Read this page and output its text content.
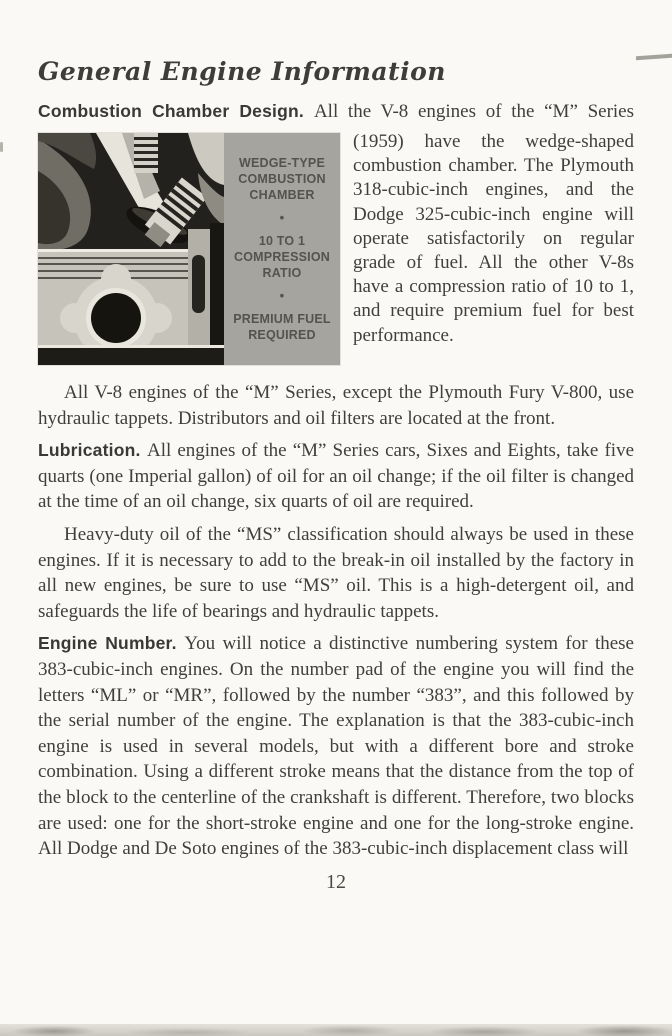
General Engine Information
Combustion Chamber Design. All the V-8 engines of the “M” Series
WEDGE-TYPE
COMBUSTION
CHAMBER
•
10 TO 1
COMPRESSION
RATIO
•
PREMIUM FUEL
REQUIRED
(1959) have the wedge-shaped combustion chamber. The Plymouth 318-cubic-inch engines, and the Dodge 325-cubic-inch engine will operate satisfactorily on regular grade of fuel. All the other V-8s have a compression ratio of 10 to 1, and require premium fuel for best performance.

All V-8 engines of the “M” Series, except the Plymouth Fury V-800, use hydraulic tappets. Distributors and oil filters are located at the front.

Lubrication. All engines of the “M” Series cars, Sixes and Eights, take five quarts (one Imperial gallon) of oil for an oil change; if the oil filter is changed at the time of an oil change, six quarts of oil are required.

Heavy-duty oil of the “MS” classification should always be used in these engines. If it is necessary to add to the break-in oil installed by the factory in all new engines, be sure to use “MS” oil. This is a high-detergent oil, and safeguards the life of bearings and hydraulic tappets.

Engine Number. You will notice a distinctive numbering system for these 383-cubic-inch engines. On the number pad of the engine you will find the letters “ML” or “MR”, followed by the number “383”, and this followed by the serial number of the engine. The explanation is that the 383-cubic-inch engine is used in several models, but with a different bore and stroke combination. Using a different stroke means that the distance from the top of the block to the centerline of the crankshaft is different. Therefore, two blocks are used: one for the short-stroke engine and one for the long-stroke engine. All Dodge and De Soto engines of the 383-cubic-inch displacement class will

12
